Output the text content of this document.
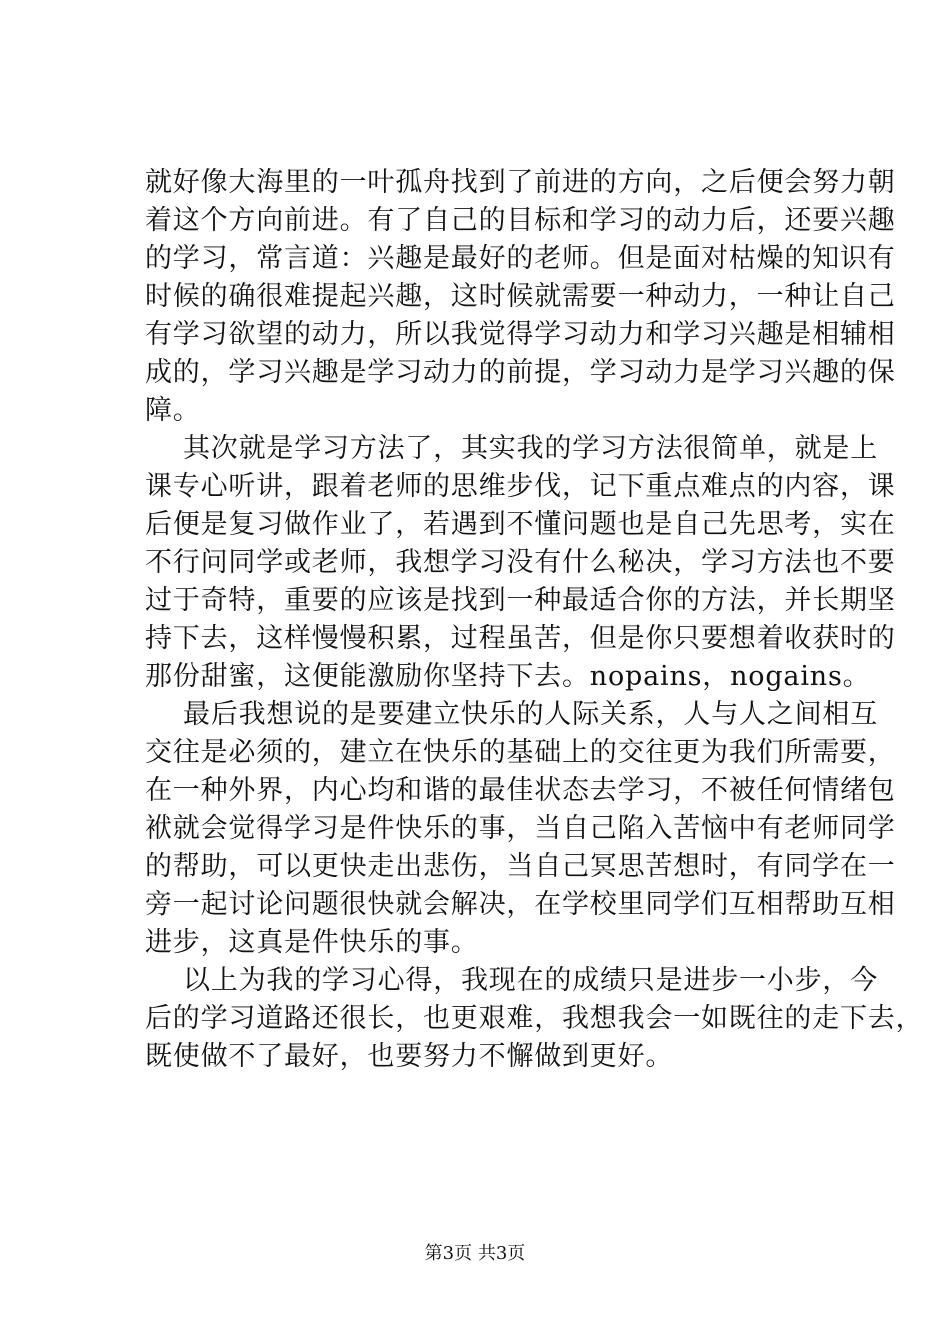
就好像大海里的一叶孤舟找到了前进的方向，之后便会努力朝
着这个方向前进。有了自己的目标和学习的动力后，还要兴趣
的学习，常言道：兴趣是最好的老师。但是面对枯燥的知识有
时候的确很难提起兴趣，这时候就需要一种动力，一种让自己
有学习欲望的动力，所以我觉得学习动力和学习兴趣是相辅相
成的，学习兴趣是学习动力的前提，学习动力是学习兴趣的保
障。
其次就是学习方法了，其实我的学习方法很简单，就是上
课专心听讲，跟着老师的思维步伐，记下重点难点的内容，课
后便是复习做作业了，若遇到不懂问题也是自己先思考，实在
不行问同学或老师，我想学习没有什么秘决，学习方法也不要
过于奇特，重要的应该是找到一种最适合你的方法，并长期坚
持下去，这样慢慢积累，过程虽苦，但是你只要想着收获时的
那份甜蜜，这便能激励你坚持下去。nopains，nogains。
最后我想说的是要建立快乐的人际关系，人与人之间相互
交往是必须的，建立在快乐的基础上的交往更为我们所需要，
在一种外界，内心均和谐的最佳状态去学习，不被任何情绪包
袱就会觉得学习是件快乐的事，当自己陷入苦恼中有老师同学
的帮助，可以更快走出悲伤，当自己冥思苦想时，有同学在一
旁一起讨论问题很快就会解决，在学校里同学们互相帮助互相
进步，这真是件快乐的事。
以上为我的学习心得，我现在的成绩只是进步一小步，今
后的学习道路还很长，也更艰难，我想我会一如既往的走下去，
既使做不了最好，也要努力不懈做到更好。
第3页 共3页
